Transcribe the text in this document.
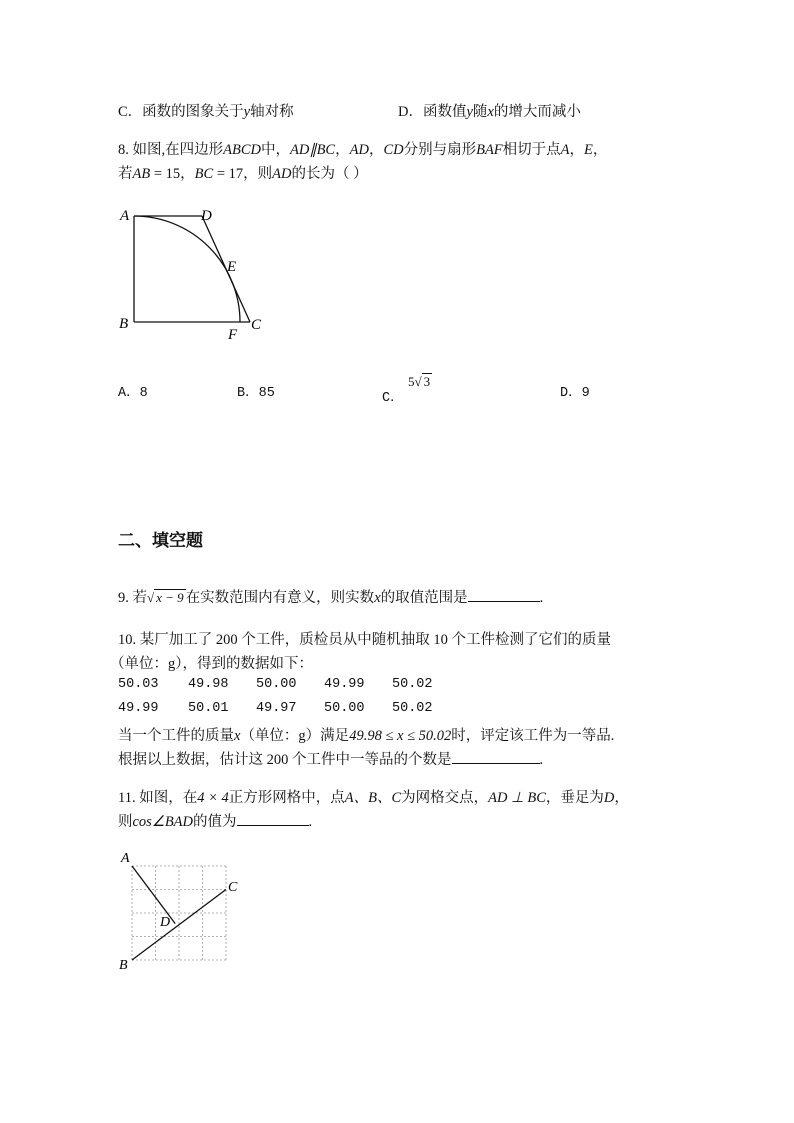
C．函数的图象关于y轴对称	D．函数值y随x的增大而减小
8. 如图,在四边形ABCD中，AD∥BC，AD，CD分别与扇形BAF相切于点A，E，
若AB = 15，BC = 17，则AD的长为（ ）
A	D
E
B
F
C
A．8	B．85	C．
5√ 3
D．9
二、填空题
9. 若√ x − 9 在实数范围内有意义，则实数x的取值范围是	.
10. 某厂加工了 200 个工件，质检员从中随机抽取 10 个工件检测了它们的质量
（单位：g），得到的数据如下：
50.03 49.98 50.00 49.99 50.02
49.99 50.01 49.97 50.00 50.02
当一个工件的质量x（单位：g）满足49.98 ≤ x ≤ 50.02时，评定该工件为一等品.
根据以上数据，估计这 200 个工件中一等品的个数是	.
11. 如图，在4 × 4正方形网格中，点A、B、C为网格交点，AD ⊥ BC，垂足为D，
则cos∠BAD的值为	.
A
C
D
B
